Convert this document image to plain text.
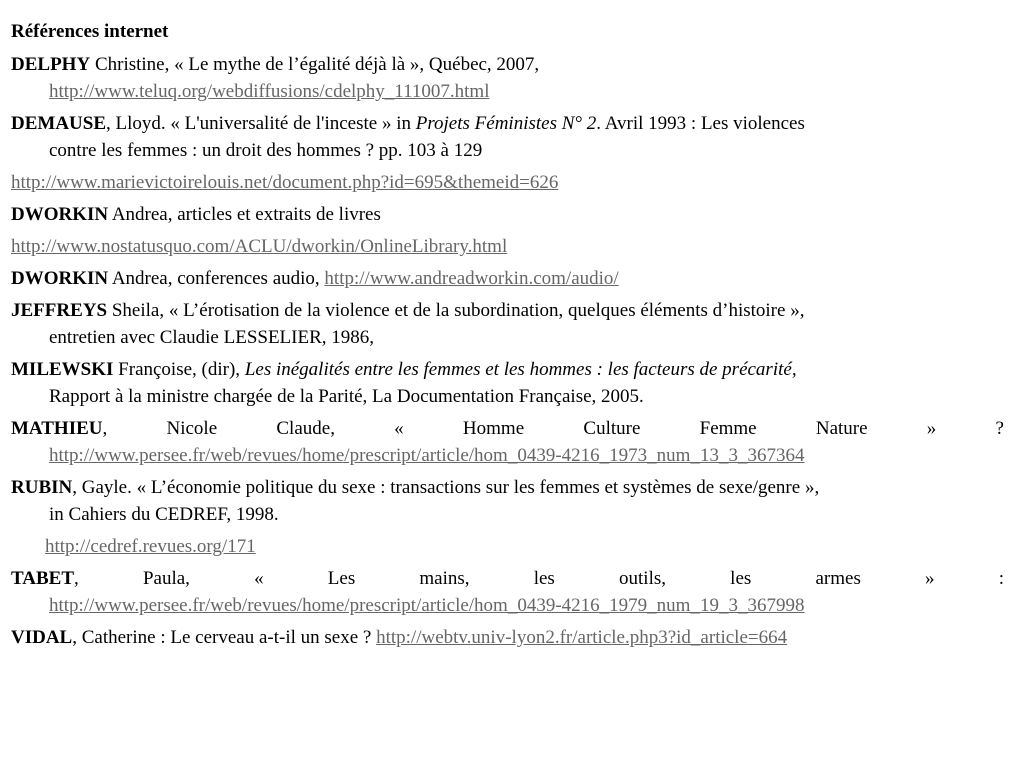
Références internet
DELPHY Christine, « Le mythe de l’égalité déjà là », Québec, 2007,
http://www.teluq.org/webdiffusions/cdelphy_111007.html
DEMAUSE, Lloyd. « L'universalité de l'inceste » in Projets Féministes N° 2. Avril 1993 : Les violences
contre les femmes : un droit des hommes ? pp. 103 à 129
http://www.marievictoirelouis.net/document.php?id=695&themeid=626
DWORKIN Andrea, articles et extraits de livres
http://www.nostatusquo.com/ACLU/dworkin/OnlineLibrary.html
DWORKIN Andrea, conferences audio, http://www.andreadworkin.com/audio/
JEFFREYS Sheila, « L’érotisation de la violence et de la subordination, quelques éléments d’histoire »,
entretien avec Claudie LESSELIER, 1986,
MILEWSKI Françoise, (dir), Les inégalités entre les femmes et les hommes : les facteurs de précarité,
Rapport à la ministre chargée de la Parité, La Documentation Française, 2005.
MATHIEU, Nicole Claude, « Homme Culture Femme Nature » ?
http://www.persee.fr/web/revues/home/prescript/article/hom_0439-4216_1973_num_13_3_367364
RUBIN, Gayle. « L’économie politique du sexe : transactions sur les femmes et systèmes de sexe/genre »,
in Cahiers du CEDREF, 1998.
http://cedref.revues.org/171
TABET, Paula, « Les mains, les outils, les armes » :
http://www.persee.fr/web/revues/home/prescript/article/hom_0439-4216_1979_num_19_3_367998
VIDAL, Catherine : Le cerveau a-t-il un sexe ? http://webtv.univ-lyon2.fr/article.php3?id_article=664
